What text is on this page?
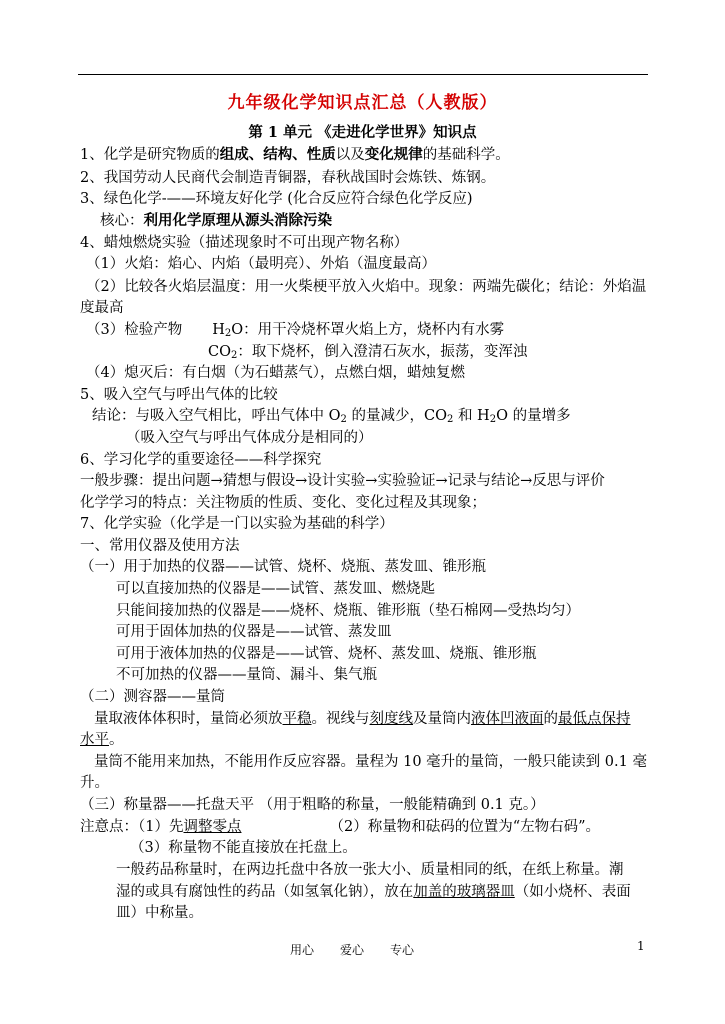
九年级化学知识点汇总（人教版）
第 1 单元 《走进化学世界》知识点
1、化学是研究物质的组成、结构、性质以及变化规律的基础科学。
2、我国劳动人民商代会制造青铜器，春秋战国时会炼铁、炼钢。
3、绿色化学-——环境友好化学 (化合反应符合绿色化学反应)
核心：利用化学原理从源头消除污染
4、蜡烛燃烧实验（描述现象时不可出现产物名称）
（1）火焰：焰心、内焰（最明亮）、外焰（温度最高）
（2）比较各火焰层温度：用一火柴梗平放入火焰中。现象：两端先碳化；结论：外焰温
度最高
（3）检验产物 H2O：用干冷烧杯罩火焰上方，烧杯内有水雾
CO2：取下烧杯，倒入澄清石灰水，振荡，变浑浊
（4）熄灭后：有白烟（为石蜡蒸气），点燃白烟，蜡烛复燃
5、吸入空气与呼出气体的比较
结论：与吸入空气相比，呼出气体中 O2 的量减少，CO2 和 H2O 的量增多
（吸入空气与呼出气体成分是相同的）
6、学习化学的重要途径——科学探究
一般步骤：提出问题→猜想与假设→设计实验→实验验证→记录与结论→反思与评价
化学学习的特点：关注物质的性质、变化、变化过程及其现象；
7、化学实验（化学是一门以实验为基础的科学）
一、常用仪器及使用方法
（一）用于加热的仪器——试管、烧杯、烧瓶、蒸发皿、锥形瓶
可以直接加热的仪器是——试管、蒸发皿、燃烧匙
只能间接加热的仪器是——烧杯、烧瓶、锥形瓶（垫石棉网—受热均匀）
可用于固体加热的仪器是——试管、蒸发皿
可用于液体加热的仪器是——试管、烧杯、蒸发皿、烧瓶、锥形瓶
不可加热的仪器——量筒、漏斗、集气瓶
（二）测容器——量筒
量取液体体积时，量筒必须放平稳。视线与刻度线及量筒内液体凹液面的最低点保持
水平。
量筒不能用来加热，不能用作反应容器。量程为 10 毫升的量筒，一般只能读到 0.1 毫
升。
（三）称量器——托盘天平 （用于粗略的称量，一般能精确到 0.1 克。）
注意点：（1）先调整零点	（2）称量物和砝码的位置为“左物右码”。
（3）称量物不能直接放在托盘上。
一般药品称量时，在两边托盘中各放一张大小、质量相同的纸，在纸上称量。潮
湿的或具有腐蚀性的药品（如氢氧化钠），放在加盖的玻璃器皿（如小烧杯、表面
皿）中称量。
用心 爱心 专心	1
